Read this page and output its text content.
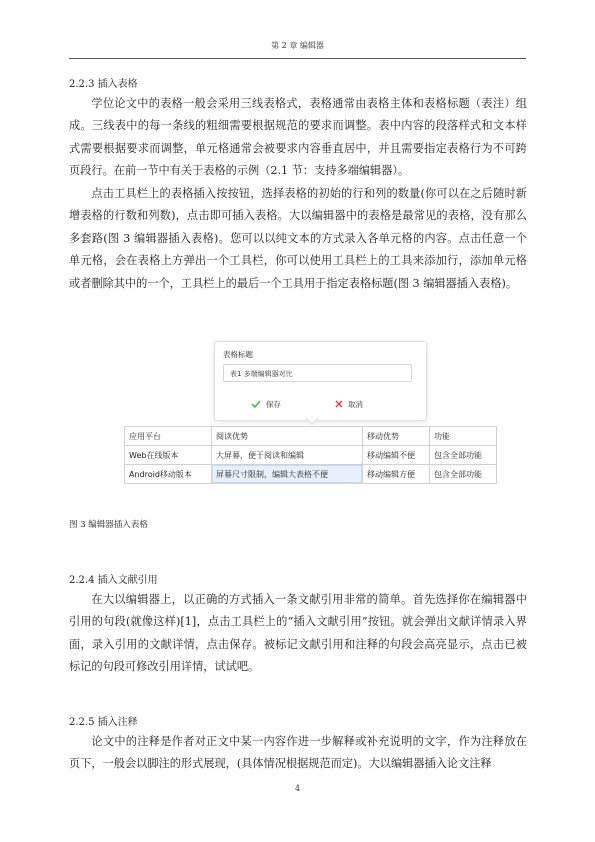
第 2 章 编辑器
2.2.3 插入表格

学位论文中的表格一般会采用三线表格式，表格通常由表格主体和表格标题（表注）组成。三线表中的每一条线的粗细需要根据规范的要求而调整。表中内容的段落样式和文本样式需要根据要求而调整，单元格通常会被要求内容垂直居中，并且需要指定表格行为不可跨页段行。在前一节中有关于表格的示例（2.1 节：支持多端编辑器）。

点击工具栏上的表格插入按按钮，选择表格的初始的行和列的数量(你可以在之后随时新增表格的行数和列数)，点击即可插入表格。大以编辑器中的表格是最常见的表格，没有那么多套路(图 3 编辑器插入表格)。您可以以纯文本的方式录入各单元格的内容。点击任意一个单元格，会在表格上方弹出一个工具栏，你可以使用工具栏上的工具来添加行，添加单元格或者删除其中的一个，工具栏上的最后一个工具用于指定表格标题(图 3 编辑器插入表格)。

表格标题
表1 多端编辑器对比
保存	取消
应用平台	阅读优势	移动优势	功能
Web在线版本	大屏幕，便于阅读和编辑	移动编辑不便	包含全部功能
Android移动版本	屏幕尺寸限制，编辑大表格不便	移动编辑方便	包含全部功能
图 3 编辑器插入表格
2.2.4 插入文献引用

在大以编辑器上，以正确的方式插入一条文献引用非常的简单。首先选择你在编辑器中引用的句段(就像这样)[1]，点击工具栏上的“插入文献引用”按钮。就会弹出文献详情录入界面，录入引用的文献详情，点击保存。被标记文献引用和注释的句段会高亮显示，点击已被标记的句段可修改引用详情，试试吧。

2.2.5 插入注释

论文中的注释是作者对正文中某一内容作进一步解释或补充说明的文字，作为注释放在页下，一般会以脚注的形式展现，(具体情况根据规范而定)。大以编辑器插入论文注释

4
